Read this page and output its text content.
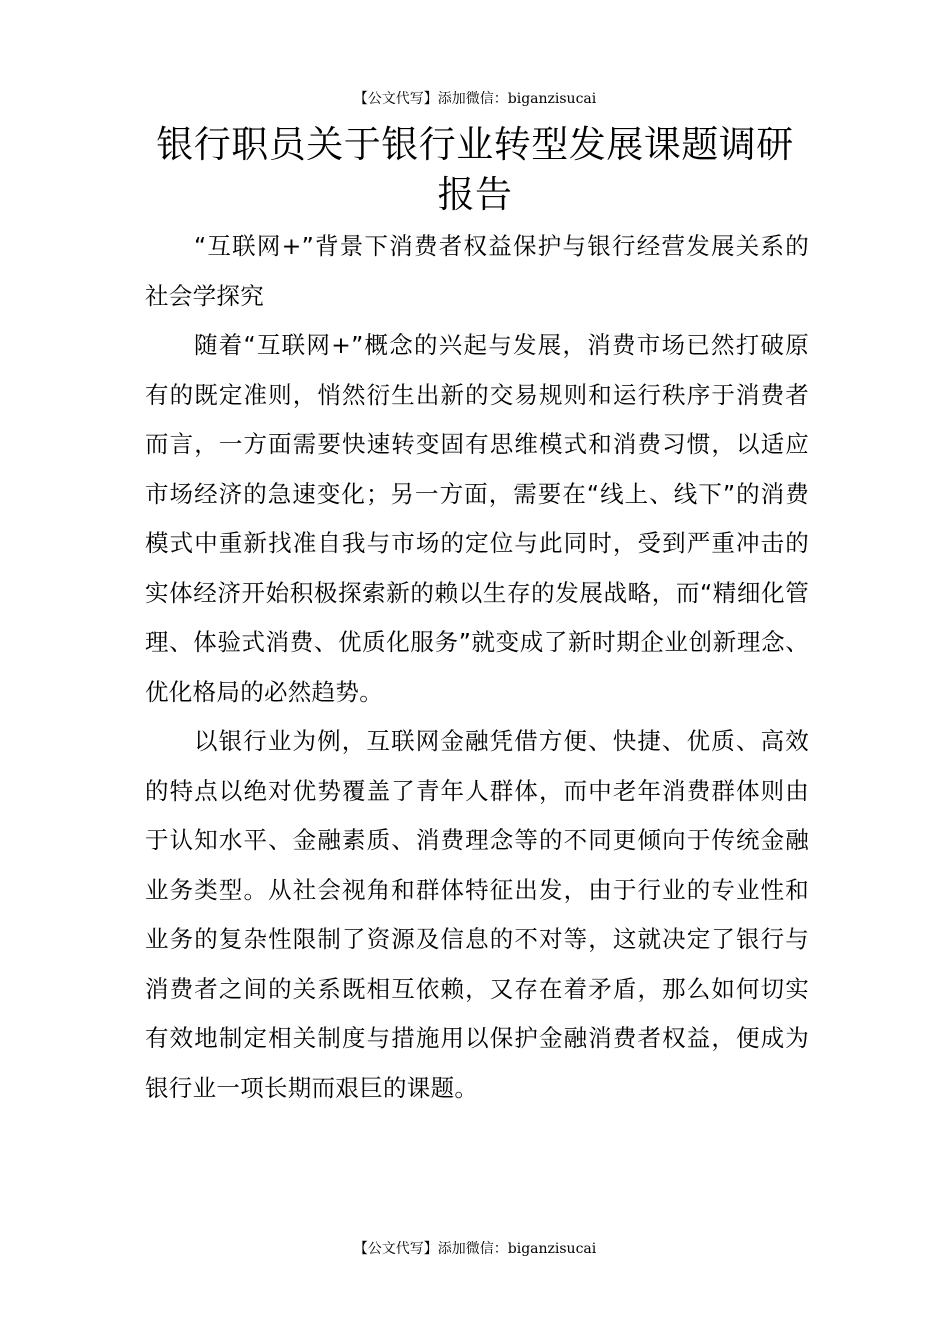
【公文代写】添加微信：biganzisucai
银行职员关于银行业转型发展课题调研报告

“互联网+”背景下消费者权益保护与银行经营发展关系的社会学探究

随着“互联网+”概念的兴起与发展，消费市场已然打破原有的既定准则，悄然衍生出新的交易规则和运行秩序于消费者而言，一方面需要快速转变固有思维模式和消费习惯，以适应市场经济的急速变化；另一方面，需要在“线上、线下”的消费模式中重新找准自我与市场的定位与此同时，受到严重冲击的实体经济开始积极探索新的赖以生存的发展战略，而“精细化管理、体验式消费、优质化服务”就变成了新时期企业创新理念、优化格局的必然趋势。

以银行业为例，互联网金融凭借方便、快捷、优质、高效的特点以绝对优势覆盖了青年人群体，而中老年消费群体则由于认知水平、金融素质、消费理念等的不同更倾向于传统金融业务类型。从社会视角和群体特征出发，由于行业的专业性和业务的复杂性限制了资源及信息的不对等，这就决定了银行与消费者之间的关系既相互依赖，又存在着矛盾，那么如何切实有效地制定相关制度与措施用以保护金融消费者权益，便成为银行业一项长期而艰巨的课题。

【公文代写】添加微信：biganzisucai
